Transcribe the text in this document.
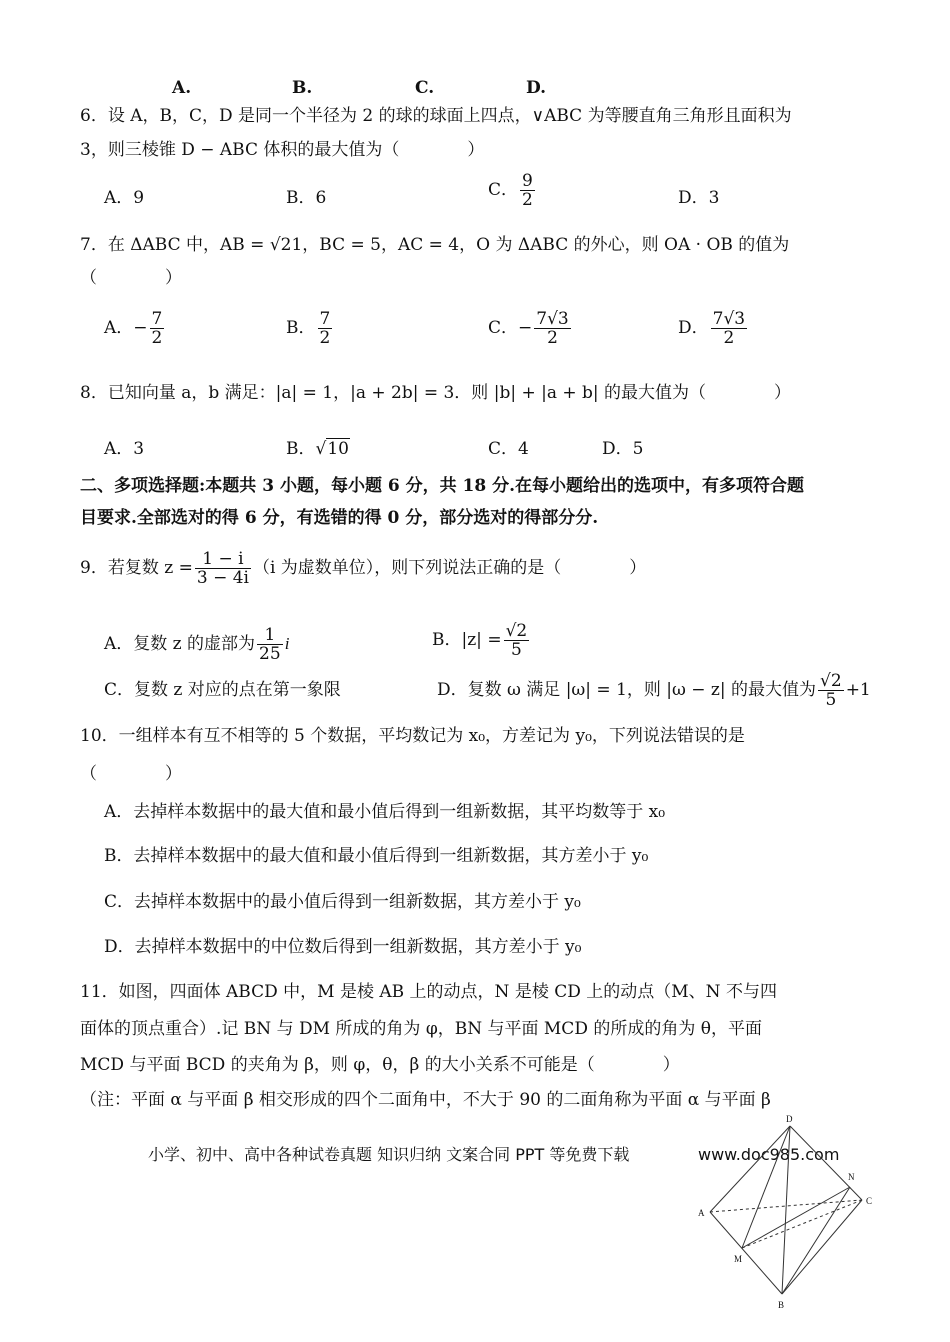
A.	B.	C.	D.
6．设 A，B，C，D 是同一个半径为 2 的球的球面上四点，∨ABC 为等腰直角三角形且面积为
3，则三棱锥 D − ABC 体积的最大值为（　　　　）
A．9	B．6	C． $\frac{9}{2}$	D．3
7．在 ΔABC 中，AB = √21，BC = 5，AC = 4，O 为 ΔABC 的外心，则 OA · OB 的值为
（　　　　）
A．− $\frac{7}{2}$	B． $\frac{7}{2}$	C．− $\frac{7√3}{2}$	D． $\frac{7√3}{2}$
8．已知向量 a，b 满足：|a| = 1，|a + 2b| = 3．则 |b| + |a + b| 的最大值为（　　　　）
A．3	B．√10	C．4	D．5
二、多项选择题:本题共 3 小题，每小题 6 分，共 18 分.在每小题给出的选项中，有多项符合题
目要求.全部选对的得 6 分，有选错的得 0 分，部分选对的得部分分.
9．若复数 $z = \frac{1 - i}{3 - 4i} (i$ 为虚数单位），则下列说法正确的是（　　　　）
A．复数 z 的虚部为 $\frac{1}{25}$ i	B．$|z| = \frac{√2}{5}$
C．复数 z 对应的点在第一象限	D．复数 ω 满足 |ω| = 1，则 |ω − z| 的最大值为 $\frac{√2}{5} +1$
10．一组样本有互不相等的 5 个数据，平均数记为 x₀，方差记为 y₀，下列说法错误的是
（　　　　）
A．去掉样本数据中的最大值和最小值后得到一组新数据，其平均数等于 x₀
B．去掉样本数据中的最大值和最小值后得到一组新数据，其方差小于 y₀
C．去掉样本数据中的最小值后得到一组新数据，其方差小于 y₀
D．去掉样本数据中的中位数后得到一组新数据，其方差小于 y₀
11．如图，四面体 ABCD 中，M 是棱 AB 上的动点，N 是棱 CD 上的动点（M、N 不与四
面体的顶点重合）.记 BN 与 DM 所成的角为 φ，BN 与平面 MCD 的所成的角为 θ，平面
MCD 与平面 BCD 的夹角为 β，则 φ，θ，β 的大小关系不可能是（　　　　）
（注：平面 α 与平面 β 相交形成的四个二面角中，不大于 90 的二面角称为平面 α 与平面 β
小学、初中、高中各种试卷真题 知识归纳 文案合同 PPT 等免费下载	www.doc985.com
D
N
A
C
M
B
